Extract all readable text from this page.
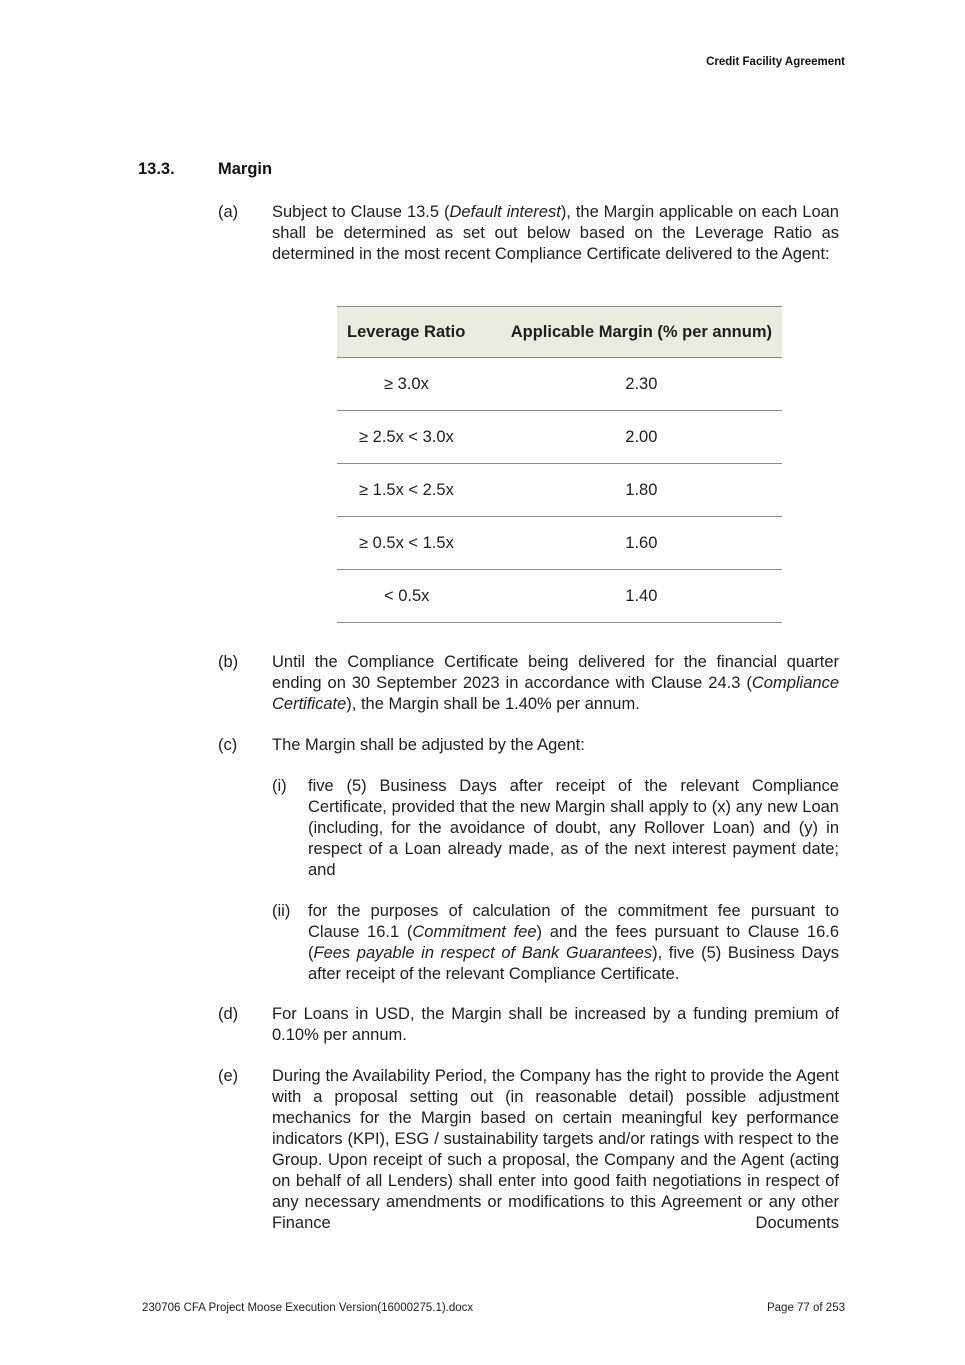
Credit Facility Agreement
13.3.	Margin
(a) Subject to Clause 13.5 (Default interest), the Margin applicable on each Loan shall be determined as set out below based on the Leverage Ratio as determined in the most recent Compliance Certificate delivered to the Agent:
Leverage Ratio	Applicable Margin (% per annum)
≥ 3.0x	2.30
≥ 2.5x < 3.0x	2.00
≥ 1.5x < 2.5x	1.80
≥ 0.5x < 1.5x	1.60
< 0.5x	1.40
(b) Until the Compliance Certificate being delivered for the financial quarter ending on 30 September 2023 in accordance with Clause 24.3 (Compliance Certificate), the Margin shall be 1.40% per annum.
(c) The Margin shall be adjusted by the Agent:
(i) five (5) Business Days after receipt of the relevant Compliance Certificate, provided that the new Margin shall apply to (x) any new Loan (including, for the avoidance of doubt, any Rollover Loan) and (y) in respect of a Loan already made, as of the next interest payment date; and
(ii) for the purposes of calculation of the commitment fee pursuant to Clause 16.1 (Commitment fee) and the fees pursuant to Clause 16.6 (Fees payable in respect of Bank Guarantees), five (5) Business Days after receipt of the relevant Compliance Certificate.
(d) For Loans in USD, the Margin shall be increased by a funding premium of 0.10% per annum.
(e) During the Availability Period, the Company has the right to provide the Agent with a proposal setting out (in reasonable detail) possible adjustment mechanics for the Margin based on certain meaningful key performance indicators (KPI), ESG / sustainability targets and/or ratings with respect to the Group. Upon receipt of such a proposal, the Company and the Agent (acting on behalf of all Lenders) shall enter into good faith negotiations in respect of any necessary amendments or modifications to this Agreement or any other Finance Documents
230706 CFA Project Moose Execution Version(16000275.1).docx	Page 77 of 253
